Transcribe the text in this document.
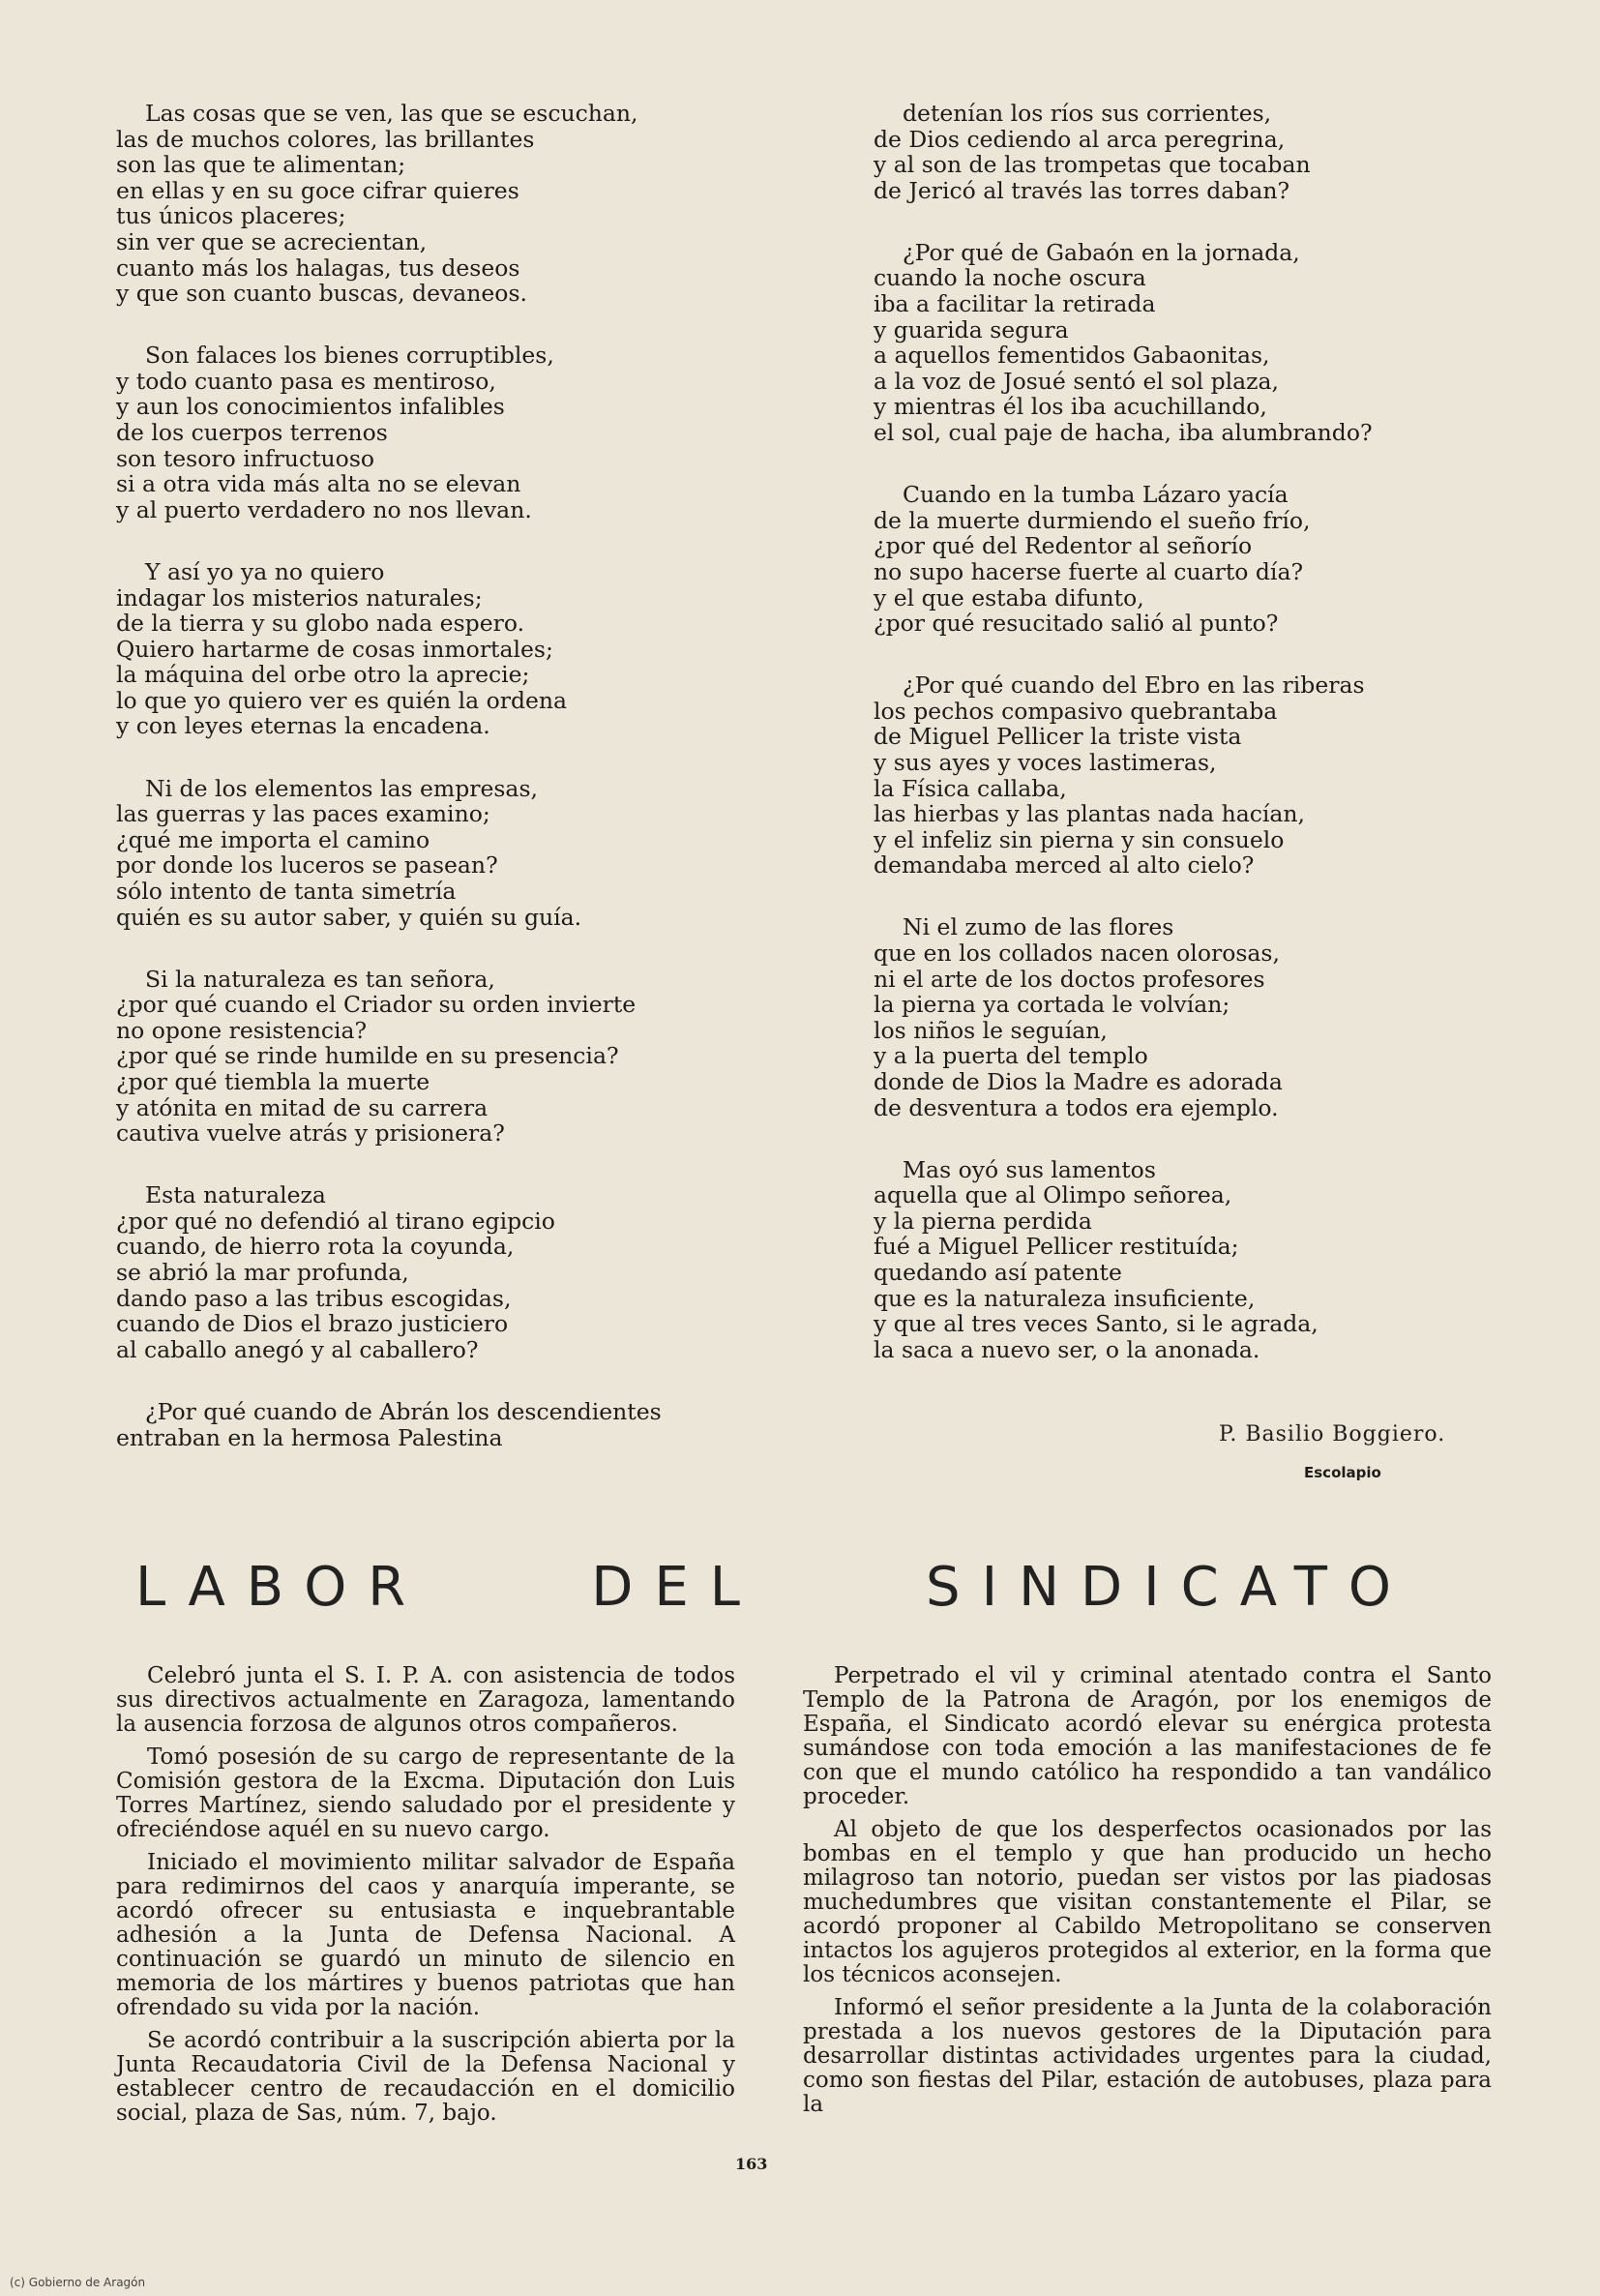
Las cosas que se ven, las que se escuchan,
las de muchos colores, las brillantes
son las que te alimentan;
en ellas y en su goce cifrar quieres
tus únicos placeres;
sin ver que se acrecientan,
cuanto más los halagas, tus deseos
y que son cuanto buscas, devaneos.
Son falaces los bienes corruptibles,
y todo cuanto pasa es mentiroso,
y aun los conocimientos infalibles
de los cuerpos terrenos
son tesoro infructuoso
si a otra vida más alta no se elevan
y al puerto verdadero no nos llevan.
Y así yo ya no quiero
indagar los misterios naturales;
de la tierra y su globo nada espero.
Quiero hartarme de cosas inmortales;
la máquina del orbe otro la aprecie;
lo que yo quiero ver es quién la ordena
y con leyes eternas la encadena.
Ni de los elementos las empresas,
las guerras y las paces examino;
¿qué me importa el camino
por donde los luceros se pasean?
sólo intento de tanta simetría
quién es su autor saber, y quién su guía.
Si la naturaleza es tan señora,
¿por qué cuando el Criador su orden invierte
no opone resistencia?
¿por qué se rinde humilde en su presencia?
¿por qué tiembla la muerte
y atónita en mitad de su carrera
cautiva vuelve atrás y prisionera?
Esta naturaleza
¿por qué no defendió al tirano egipcio
cuando, de hierro rota la coyunda,
se abrió la mar profunda,
dando paso a las tribus escogidas,
cuando de Dios el brazo justiciero
al caballo anegó y al caballero?
¿Por qué cuando de Abrán los descendientes
entraban en la hermosa Palestina
detenían los ríos sus corrientes,
de Dios cediendo al arca peregrina,
y al son de las trompetas que tocaban
de Jericó al través las torres daban?
¿Por qué de Gabaón en la jornada,
cuando la noche oscura
iba a facilitar la retirada
y guarida segura
a aquellos fementidos Gabaonitas,
a la voz de Josué sentó el sol plaza,
y mientras él los iba acuchillando,
el sol, cual paje de hacha, iba alumbrando?
Cuando en la tumba Lázaro yacía
de la muerte durmiendo el sueño frío,
¿por qué del Redentor al señorío
no supo hacerse fuerte al cuarto día?
y el que estaba difunto,
¿por qué resucitado salió al punto?
¿Por qué cuando del Ebro en las riberas
los pechos compasivo quebrantaba
de Miguel Pellicer la triste vista
y sus ayes y voces lastimeras,
la Física callaba,
las hierbas y las plantas nada hacían,
y el infeliz sin pierna y sin consuelo
demandaba merced al alto cielo?
Ni el zumo de las flores
que en los collados nacen olorosas,
ni el arte de los doctos profesores
la pierna ya cortada le volvían;
los niños le seguían,
y a la puerta del templo
donde de Dios la Madre es adorada
de desventura a todos era ejemplo.
Mas oyó sus lamentos
aquella que al Olimpo señorea,
y la pierna perdida
fué a Miguel Pellicer restituída;
quedando así patente
que es la naturaleza insuficiente,
y que al tres veces Santo, si le agrada,
la saca a nuevo ser, o la anonada.
P. Basilio Boggiero.
Escolapio
LABOR	DEL	SINDICATO

Celebró junta el S. I. P. A. con asistencia de todos sus directivos actualmente en Zaragoza, lamentando la ausencia forzosa de algunos otros compañeros.

Tomó posesión de su cargo de representante de la Comisión gestora de la Excma. Diputación don Luis Torres Martínez, siendo saludado por el presidente y ofreciéndose aquél en su nuevo cargo.

Iniciado el movimiento militar salvador de España para redimirnos del caos y anarquía imperante, se acordó ofrecer su entusiasta e inquebrantable adhesión a la Junta de Defensa Nacional. A continuación se guardó un minuto de silencio en memoria de los mártires y buenos patriotas que han ofrendado su vida por la nación.

Se acordó contribuir a la suscripción abierta por la Junta Recaudatoria Civil de la Defensa Nacional y establecer centro de recaudacción en el domicilio social, plaza de Sas, núm. 7, bajo.

Perpetrado el vil y criminal atentado contra el Santo Templo de la Patrona de Aragón, por los enemigos de España, el Sindicato acordó elevar su enérgica protesta sumándose con toda emoción a las manifestaciones de fe con que el mundo católico ha respondido a tan vandálico proceder.

Al objeto de que los desperfectos ocasionados por las bombas en el templo y que han producido un hecho milagroso tan notorio, puedan ser vistos por las piadosas muchedumbres que visitan constantemente el Pilar, se acordó proponer al Cabildo Metropolitano se conserven intactos los agujeros protegidos al exterior, en la forma que los técnicos aconsejen.

Informó el señor presidente a la Junta de la colaboración prestada a los nuevos gestores de la Diputación para desarrollar distintas actividades urgentes para la ciudad, como son fiestas del Pilar, estación de autobuses, plaza para la

163
(c) Gobierno de Aragón
